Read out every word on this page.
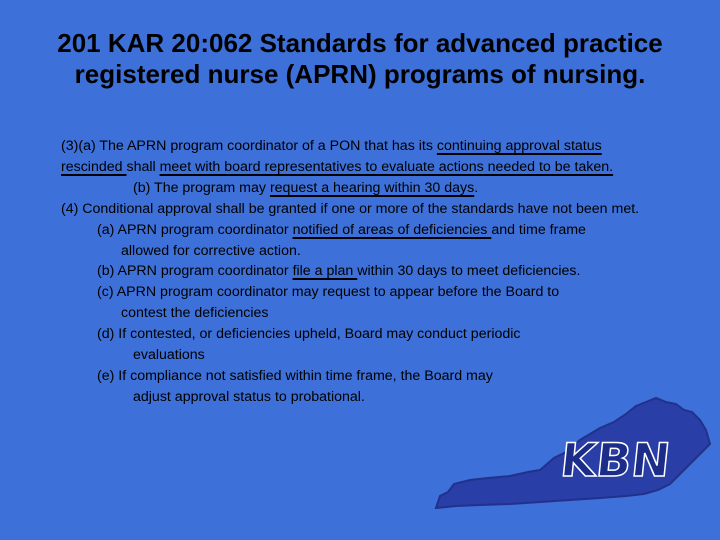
201 KAR 20:062 Standards for advanced practice registered nurse (APRN) programs of nursing.

(3)(a) The APRN program coordinator of a PON that has its continuing approval status rescinded shall meet with board representatives to evaluate actions needed to be taken.

(b) The program may request a hearing within 30 days.

(4) Conditional approval shall be granted if one or more of the standards have not been met.

(a) APRN program coordinator notified of areas of deficiencies and time frame
allowed for corrective action.

(b) APRN program coordinator file a plan within 30 days to meet deficiencies.

(c) APRN program coordinator may request to appear before the Board to
contest the deficiencies

(d) If contested, or deficiencies upheld, Board may conduct periodic
evaluations

(e) If compliance not satisfied within time frame, the Board may
adjust approval status to probational.

KBN
